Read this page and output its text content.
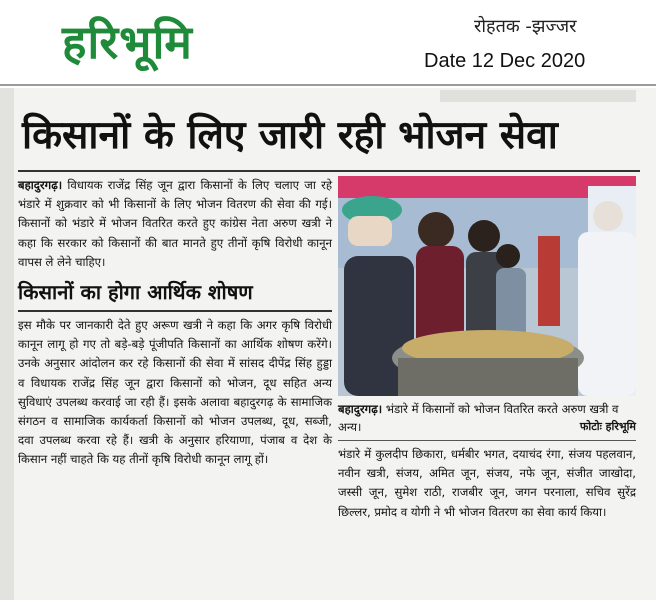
हरिभूमि	रोहतक -झज्जर
Date 12 Dec 2020
किसानों के लिए जारी रही भोजन सेवा

बहादुरगढ़। विधायक राजेंद्र सिंह जून द्वारा किसानों के लिए चलाए जा रहे भंडारे में शुक्रवार को भी किसानों के लिए भोजन वितरण की सेवा की गई। किसानों को भंडारे में भोजन वितरित करते हुए कांग्रेस नेता अरुण खत्री ने कहा कि सरकार को किसानों की बात मानते हुए तीनों कृषि विरोधी कानून वापस ले लेने चाहिए।

किसानों का होगा आर्थिक शोषण

इस मौके पर जानकारी देते हुए अरूण खत्री ने कहा कि अगर कृषि विरोधी कानून लागू हो गए तो बड़े-बड़े पूंजीपति किसानों का आर्थिक शोषण करेंगे। उनके अनुसार आंदोलन कर रहे किसानों की सेवा में सांसद दीपेंद्र सिंह हुड्डा व विधायक राजेंद्र सिंह जून द्वारा किसानों को भोजन, दूध सहित अन्य सुविधाएं उपलब्ध करवाई जा रही हैं। इसके अलावा बहादुरगढ़ के सामाजिक संगठन व सामाजिक कार्यकर्ता किसानों को भोजन उपलब्ध, दूध, सब्जी, दवा उपलब्ध करवा रहे हैं। खत्री के अनुसार हरियाणा, पंजाब व देश के किसान नहीं चाहते कि यह तीनों कृषि विरोधी कानून लागू हों।

बहादुरगढ़। भंडारे में किसानों को भोजन वितरित करते अरुण खत्री व अन्य।	फोटोः हरिभूमि

भंडारे में कुलदीप छिकारा, धर्मबीर भगत, दयाचंद रंगा, संजय पहलवान, नवीन खत्री, संजय, अमित जून, संजय, नफे जून, संजीत जाखोदा, जस्सी जून, सुमेश राठी, राजबीर जून, जगन परनाला, सचिव सुरेंद्र छिल्लर, प्रमोद व योगी ने भी भोजन वितरण का सेवा कार्य किया।
